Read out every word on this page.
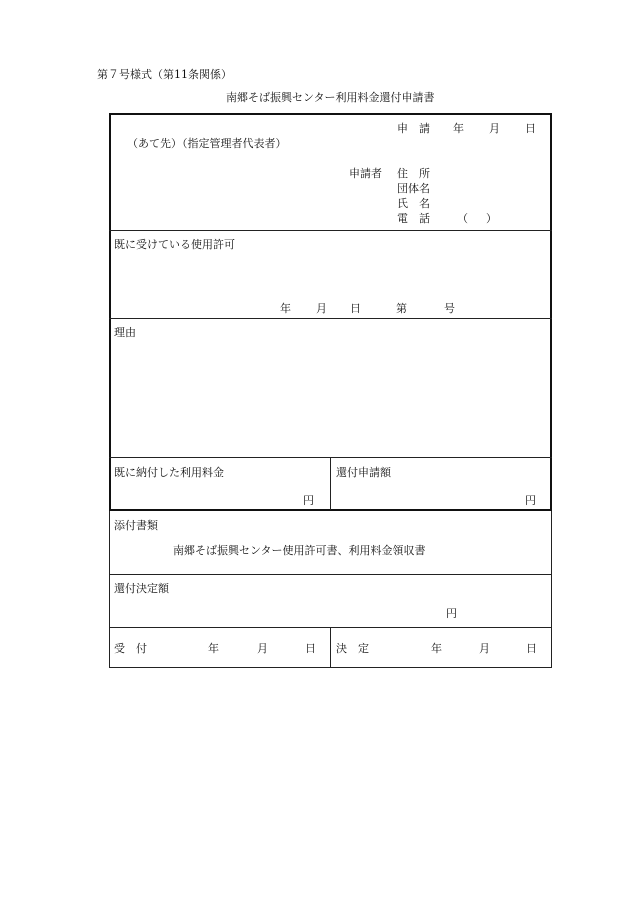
第７号様式（第11条関係）
南郷そば振興センター利用料金還付申請書
申　請 年 月 日
（あて先）（指定管理者代表者）
申請者 住　所
団体名
氏　名
電　話 （ ）
既に受けている使用許可
年 月 日	第	号
理由
既に納付した利用料金
円
還付申請額
円
添付書類
南郷そば振興センター使用許可書、利用料金領収書
還付決定額
円
受　付	年	月	日 決　定	年	月	日
